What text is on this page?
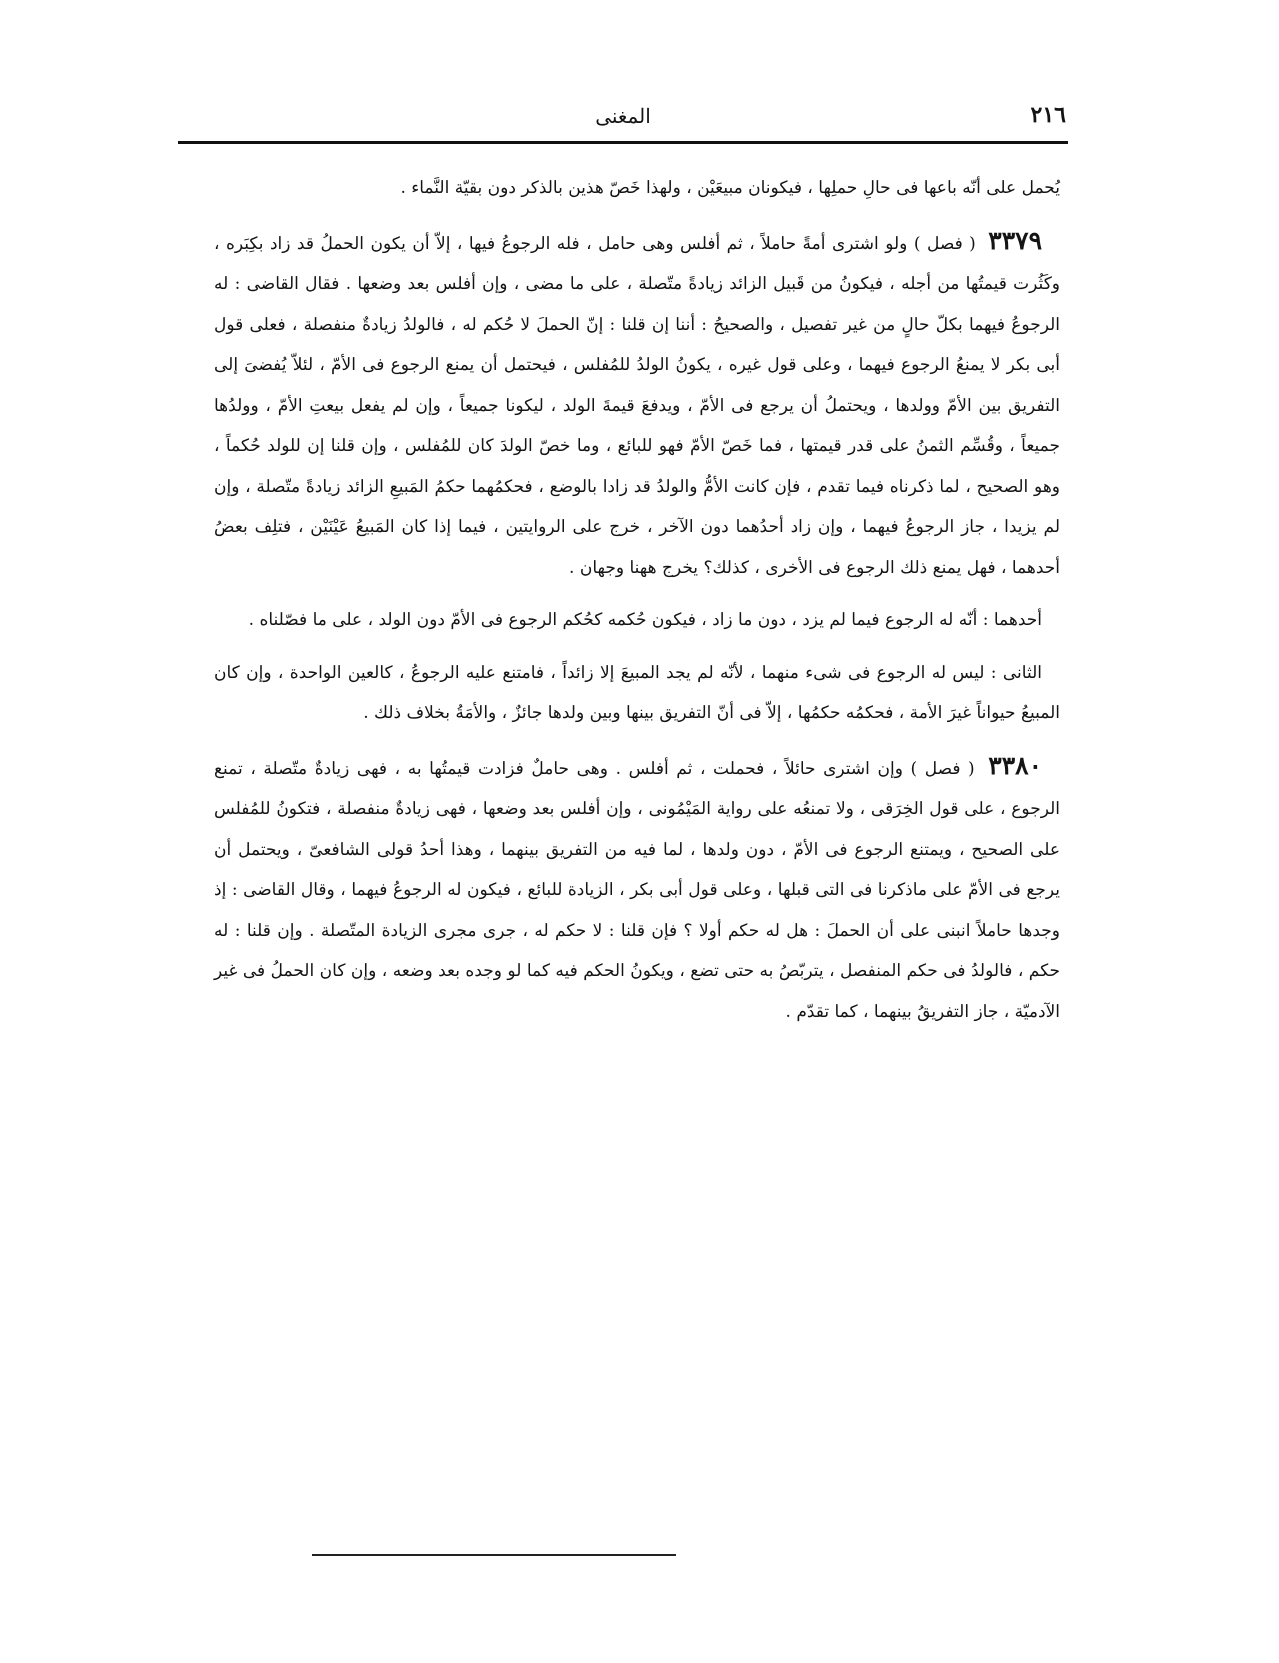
٢١٦
المغنى

يُحمل على أنّه باعها فى حالِ حملِها ، فيكونان مبيعَيْن ، ولهذا خَصّ هذين بالذكر دون بقيّة النَّماء .

٣٣٧٩ ( فصل ) ولو اشترى أمةً حاملاً ، ثم أفلس وهى حامل ، فله الرجوعُ فيها ، إلاّ أن يكون الحملُ قد زاد بكِبَره ، وكَثُرت قيمتُها من أجله ، فيكونُ من قَبيل الزائد زيادةً متّصلة ، على ما مضى ، وإن أفلس بعد وضعها . فقال القاضى : له الرجوعُ فيهما بكلّ حالٍ من غير تفصيل ، والصحيحُ : أننا إن قلنا : إنّ الحملَ لا حُكم له ، فالولدُ زيادةٌ منفصلة ، فعلى قول أبى بكر لا يمنعُ الرجوع فيهما ، وعلى قول غيره ، يكونُ الولدُ للمُفلس ، فيحتمل أن يمنع الرجوع فى الأمّ ، لئلاّ يُفضىَ إلى التفريق بين الأمّ وولدها ، ويحتملُ أن يرجع فى الأمّ ، ويدفعَ قيمةَ الولد ، ليكونا جميعاً ، وإن لم يفعل بيعتِ الأمّ ، وولدُها جميعاً ، وقُسِّم الثمنُ على قدر قيمتها ، فما خَصّ الأمّ فهو للبائع ، وما خصّ الولدَ كان للمُفلس ، وإن قلنا إن للولد حُكماً ، وهو الصحيح ، لما ذكرناه فيما تقدم ، فإن كانت الأمُّ والولدُ قد زادا بالوضع ، فحكمُهما حكمُ المَبيعِ الزائد زيادةً متّصلة ، وإن لم يزيدا ، جاز الرجوعُ فيهما ، وإن زاد أحدُهما دون الآخر ، خرج على الروايتين ، فيما إذا كان المَبيعُ عَيْنَيْن ، فتلِف بعضُ أحدهما ، فهل يمنع ذلك الرجوع فى الأخرى ، كذلك؟ يخرج ههنا وجهان .

أحدهما : أنّه له الرجوع فيما لم يزد ، دون ما زاد ، فيكون حُكمه كحُكم الرجوع فى الأمّ دون الولد ، على ما فصّلناه .

الثانى : ليس له الرجوع فى شىء منهما ، لأنّه لم يجد المبيعَ إلا زائداً ، فامتنع عليه الرجوعُ ، كالعين الواحدة ، وإن كان المبيعُ حيواناً غيرَ الأمة ، فحكمُه حكمُها ، إلاّ فى أنّ التفريق بينها وبين ولدها جائزٌ ، والأمَةُ بخلاف ذلك .

٣٣٨٠ ( فصل ) وإن اشترى حائلاً ، فحملت ، ثم أفلس . وهى حاملٌ فزادت قيمتُها به ، فهى زيادةٌ متّصلة ، تمنع الرجوع ، على قول الخِرَقى ، ولا تمنعُه على رواية المَيْمُونى ، وإن أفلس بعد وضعها ، فهى زيادةٌ منفصلة ، فتكونُ للمُفلس على الصحيح ، ويمتنع الرجوع فى الأمّ ، دون ولدها ، لما فيه من التفريق بينهما ، وهذا أحدُ قولى الشافعىّ ، ويحتمل أن يرجع فى الأمّ على ماذكرنا فى التى قبلها ، وعلى قول أبى بكر ، الزيادة للبائع ، فيكون له الرجوعُ فيهما ، وقال القاضى : إذ وجدها حاملاً انبنى على أن الحملَ : هل له حكم أولا ؟ فإن قلنا : لا حكم له ، جرى مجرى الزيادة المتّصلة . وإن قلنا : له حكم ، فالولدُ فى حكم المنفصل ، يتربّصُ به حتى تضع ، ويكونُ الحكم فيه كما لو وجده بعد وضعه ، وإن كان الحملُ فى غير الآدميّة ، جاز التفريقُ بينهما ، كما تقدّم .
